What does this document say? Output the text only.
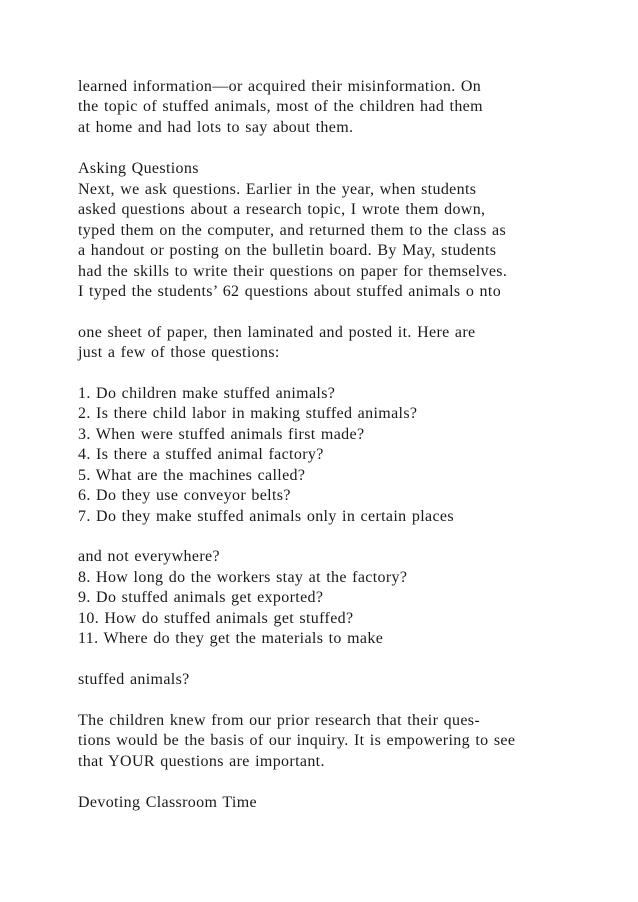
learned information—or acquired their misinformation. On

the topic of stuffed animals, most of the children had them

at home and had lots to say about them.

Asking Questions

Next, we ask questions. Earlier in the year, when students

asked questions about a research topic, I wrote them down,

typed them on the computer, and returned them to the class as

a handout or posting on the bulletin board. By May, students

had the skills to write their questions on paper for themselves.

I typed the students’ 62 questions about stuffed animals o nto

one sheet of paper, then laminated and posted it. Here are

just a few of those questions:

1. Do children make stuffed animals?

2. Is there child labor in making stuffed animals?

3. When were stuffed animals first made?

4. Is there a stuffed animal factory?

5. What are the machines called?

6. Do they use conveyor belts?

7. Do they make stuffed animals only in certain places

and not everywhere?

8. How long do the workers stay at the factory?

9. Do stuffed animals get exported?

10. How do stuffed animals get stuffed?

11. Where do they get the materials to make

stuffed animals?

The children knew from our prior research that their ques-

tions would be the basis of our inquiry. It is empowering to see

that YOUR questions are important.

Devoting Classroom Time
